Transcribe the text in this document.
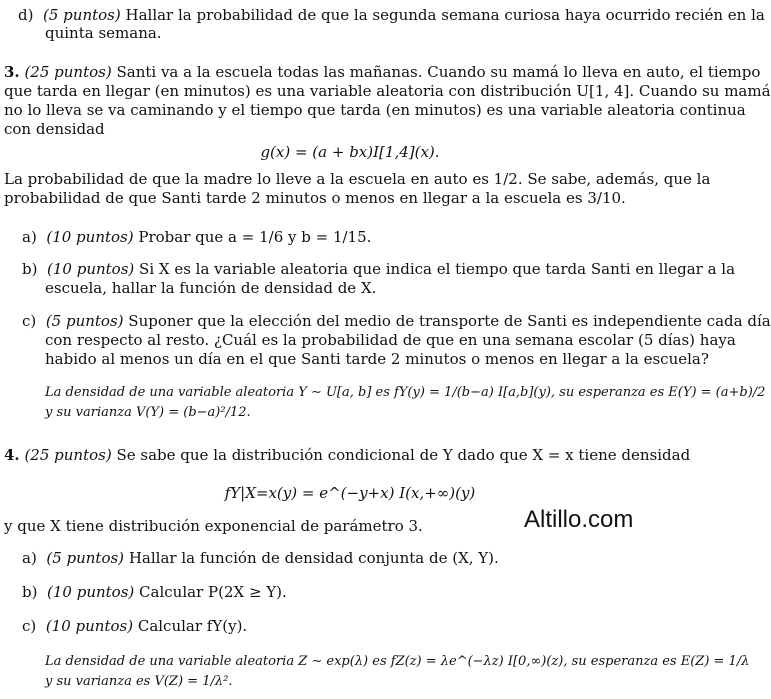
d) (5 puntos) Hallar la probabilidad de que la segunda semana curiosa haya ocurrido recién en la
quinta semana.
3. (25 puntos) Santi va a la escuela todas las mañanas. Cuando su mamá lo lleva en auto, el tiempo
que tarda en llegar (en minutos) es una variable aleatoria con distribución U[1, 4]. Cuando su mamá
no lo lleva se va caminando y el tiempo que tarda (en minutos) es una variable aleatoria continua
con densidad
g(x) = (a + bx)I[1,4](x).
La probabilidad de que la madre lo lleve a la escuela en auto es 1/2. Se sabe, además, que la
probabilidad de que Santi tarde 2 minutos o menos en llegar a la escuela es 3/10.
a) (10 puntos) Probar que a = 1/6 y b = 1/15.
b) (10 puntos) Si X es la variable aleatoria que indica el tiempo que tarda Santi en llegar a la
escuela, hallar la función de densidad de X.
c) (5 puntos) Suponer que la elección del medio de transporte de Santi es independiente cada día
con respecto al resto. ¿Cuál es la probabilidad de que en una semana escolar (5 días) haya
habido al menos un día en el que Santi tarde 2 minutos o menos en llegar a la escuela?
La densidad de una variable aleatoria Y ∼ U[a, b] es fY(y) = 1/(b−a) I[a,b](y), su esperanza es E(Y) = (a+b)/2
y su varianza V(Y) = (b−a)²/12.
4. (25 puntos) Se sabe que la distribución condicional de Y dado que X = x tiene densidad
fY|X=x(y) = e^(−y+x) I(x,+∞)(y)
y que X tiene distribución exponencial de parámetro 3.	Altillo.com
a) (5 puntos) Hallar la función de densidad conjunta de (X, Y).
b) (10 puntos) Calcular P(2X ≥ Y).
c) (10 puntos) Calcular fY(y).
La densidad de una variable aleatoria Z ∼ exp(λ) es fZ(z) = λe^(−λz) I[0,∞)(z), su esperanza es E(Z) = 1/λ
y su varianza es V(Z) = 1/λ².
